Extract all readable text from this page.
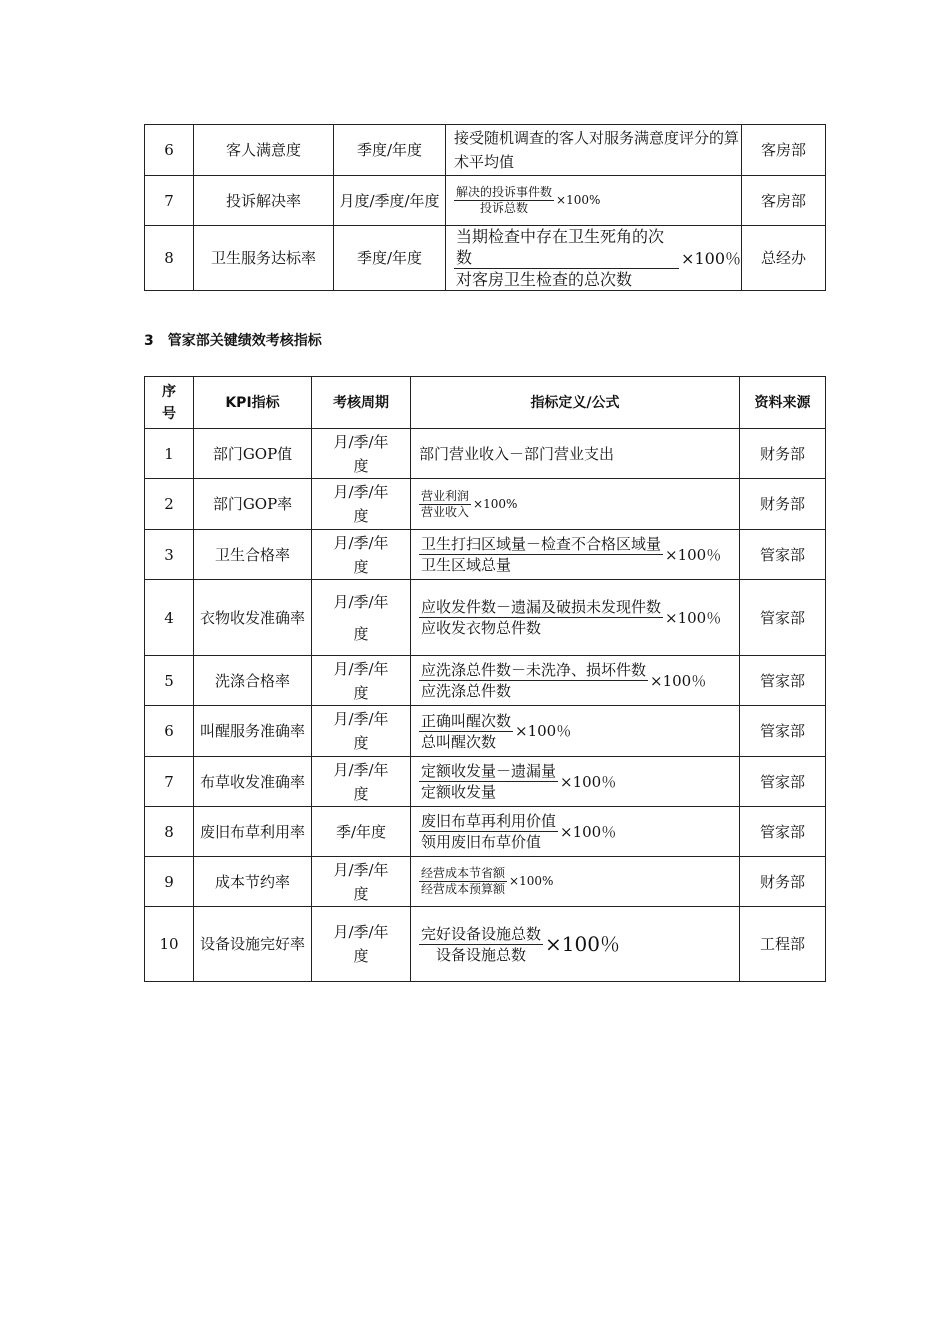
6	客人满意度	季度/年度	接受随机调查的客人对服务满意度评分的算术平均值	客房部
7	投诉解决率	月度/季度/年度	$\frac{\text{解决的投诉事件数}}{\text{投诉总数}} \times 100\%$	客房部
8	卫生服务达标率	季度/年度	$\frac{\text{当期检查中存在卫生死角的次数}}{\text{对客房卫生检查的总次数}} \times 100$％	总经办
3　管家部关键绩效考核指标
序号	KPI指标	考核周期	指标定义/公式	资料来源
1	部门GOP值	月/季/年度	部门营业收入－部门营业支出	财务部
2	部门GOP率	月/季/年度	$\frac{\text{营业利润}}{\text{营业收入}} \times 100\%$	财务部
3	卫生合格率	月/季/年度	$\frac{\text{卫生打扫区域量－检查不合格区域量}}{\text{卫生区域总量}} \times 100$％	管家部
4	衣物收发准确率	月/季/年度	$\frac{\text{应收发件数－遗漏及破损未发现件数}}{\text{应收发衣物总件数}} \times 100$％	管家部
5	洗涤合格率	月/季/年度	$\frac{\text{应洗涤总件数－未洗净、损坏件数}}{\text{应洗涤总件数}} \times 100$％	管家部
6	叫醒服务准确率	月/季/年度	$\frac{\text{正确叫醒次数}}{\text{总叫醒次数}} \times 100$％	管家部
7	布草收发准确率	月/季/年度	$\frac{\text{定额收发量－遗漏量}}{\text{定额收发量}} \times 100$％	管家部
8	废旧布草利用率	季/年度	$\frac{\text{废旧布草再利用价值}}{\text{领用废旧布草价值}} \times 100$％	管家部
9	成本节约率	月/季/年度	$\frac{\text{经营成本节省额}}{\text{经营成本预算额}} \times 100\%$	财务部
10	设备设施完好率	月/季/年度	$\frac{\text{完好设备设施总数}}{\text{设备设施总数}} \times 100$％	工程部
